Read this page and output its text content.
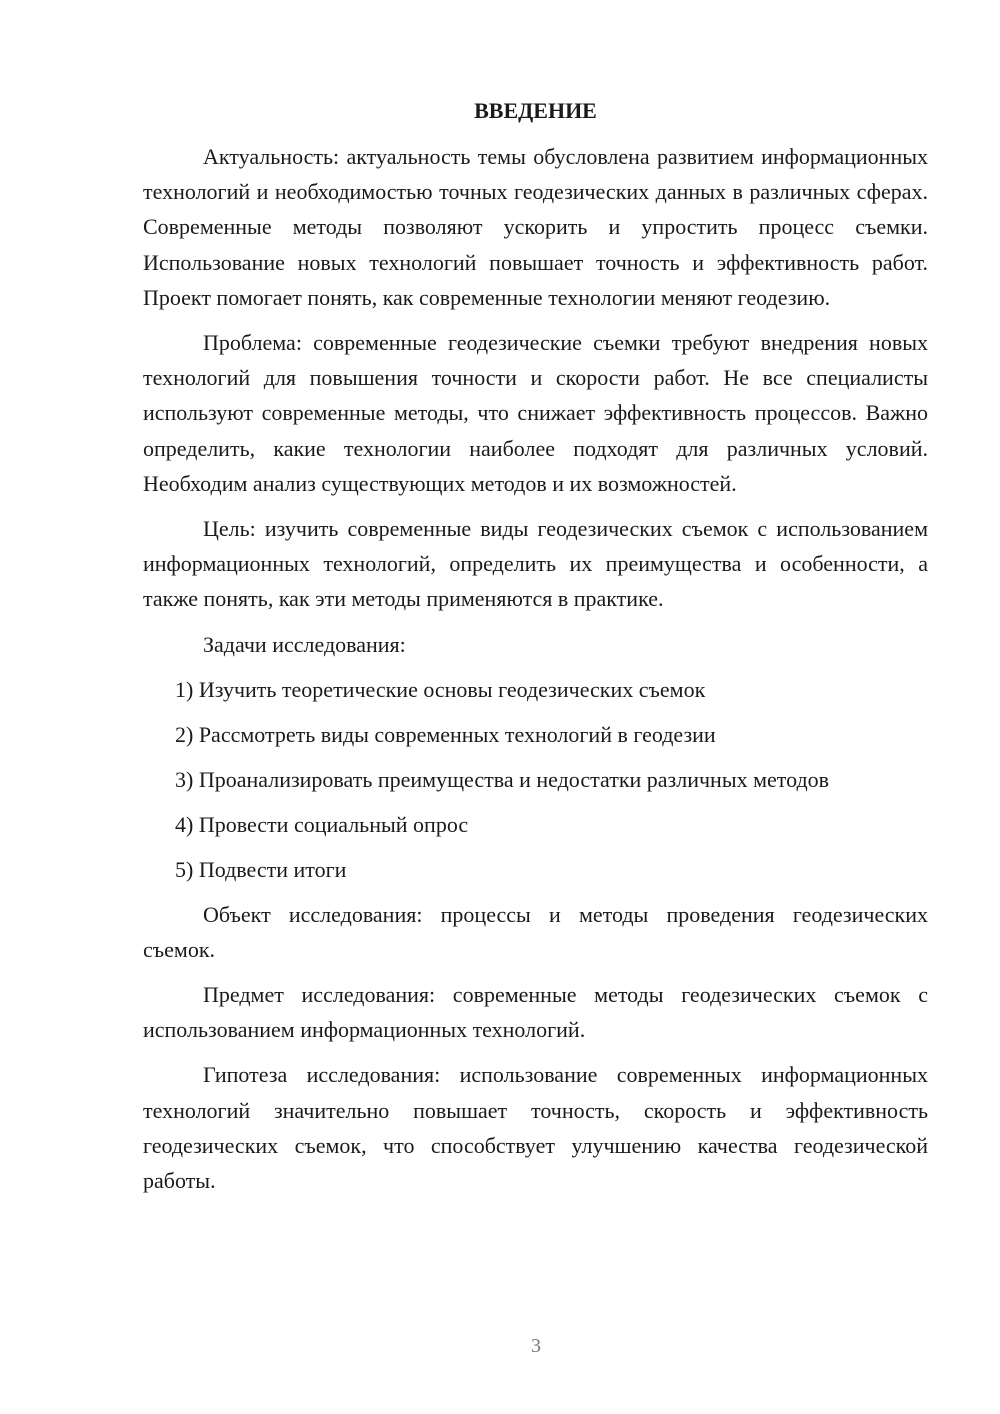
ВВЕДЕНИЕ

Актуальность: актуальность темы обусловлена развитием информационных технологий и необходимостью точных геодезических данных в различных сферах. Современные методы позволяют ускорить и упростить процесс съемки. Использование новых технологий повышает точность и эффективность работ. Проект помогает понять, как современные технологии меняют геодезию.

Проблема: современные геодезические съемки требуют внедрения новых технологий для повышения точности и скорости работ. Не все специалисты используют современные методы, что снижает эффективность процессов. Важно определить, какие технологии наиболее подходят для различных условий. Необходим анализ существующих методов и их возможностей.

Цель: изучить современные виды геодезических съемок с использованием информационных технологий, определить их преимущества и особенности, а также понять, как эти методы применяются в практике.

Задачи исследования:

1) Изучить теоретические основы геодезических съемок
2) Рассмотреть виды современных технологий в геодезии
3) Проанализировать преимущества и недостатки различных методов
4) Провести социальный опрос
5) Подвести итоги

Объект исследования: процессы и методы проведения геодезических съемок.

Предмет исследования: современные методы геодезических съемок с использованием информационных технологий.

Гипотеза исследования: использование современных информационных технологий значительно повышает точность, скорость и эффективность геодезических съемок, что способствует улучшению качества геодезической работы.

3
